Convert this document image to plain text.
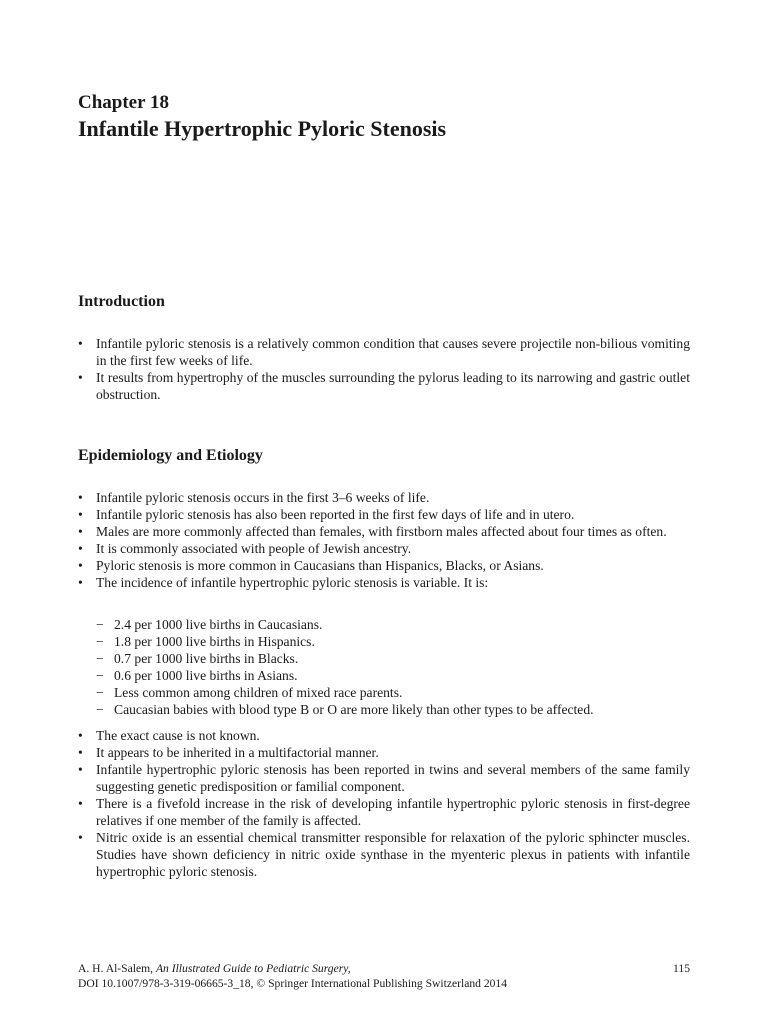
Chapter 18
Infantile Hypertrophic Pyloric Stenosis
Introduction
• Infantile pyloric stenosis is a relatively common condition that causes severe projectile non-bilious vomiting in the first few weeks of life.
• It results from hypertrophy of the muscles surrounding the pylorus leading to its narrowing and gastric outlet obstruction.
Epidemiology and Etiology
• Infantile pyloric stenosis occurs in the first 3–6 weeks of life.
• Infantile pyloric stenosis has also been reported in the first few days of life and in utero.
• Males are more commonly affected than females, with firstborn males affected about four times as often.
• It is commonly associated with people of Jewish ancestry.
• Pyloric stenosis is more common in Caucasians than Hispanics, Blacks, or Asians.
• The incidence of infantile hypertrophic pyloric stenosis is variable. It is:
− 2.4 per 1000 live births in Caucasians.
− 1.8 per 1000 live births in Hispanics.
− 0.7 per 1000 live births in Blacks.
− 0.6 per 1000 live births in Asians.
− Less common among children of mixed race parents.
− Caucasian babies with blood type B or O are more likely than other types to be affected.
• The exact cause is not known.
• It appears to be inherited in a multifactorial manner.
• Infantile hypertrophic pyloric stenosis has been reported in twins and several members of the same family suggesting genetic predisposition or familial component.
• There is a fivefold increase in the risk of developing infantile hypertrophic pyloric stenosis in first-degree relatives if one member of the family is affected.
• Nitric oxide is an essential chemical transmitter responsible for relaxation of the pyloric sphincter muscles. Studies have shown deficiency in nitric oxide synthase in the myenteric plexus in patients with infantile hypertrophic pyloric stenosis.
A. H. Al-Salem, An Illustrated Guide to Pediatric Surgery,
DOI 10.1007/978-3-319-06665-3_18, © Springer International Publishing Switzerland 2014
115
